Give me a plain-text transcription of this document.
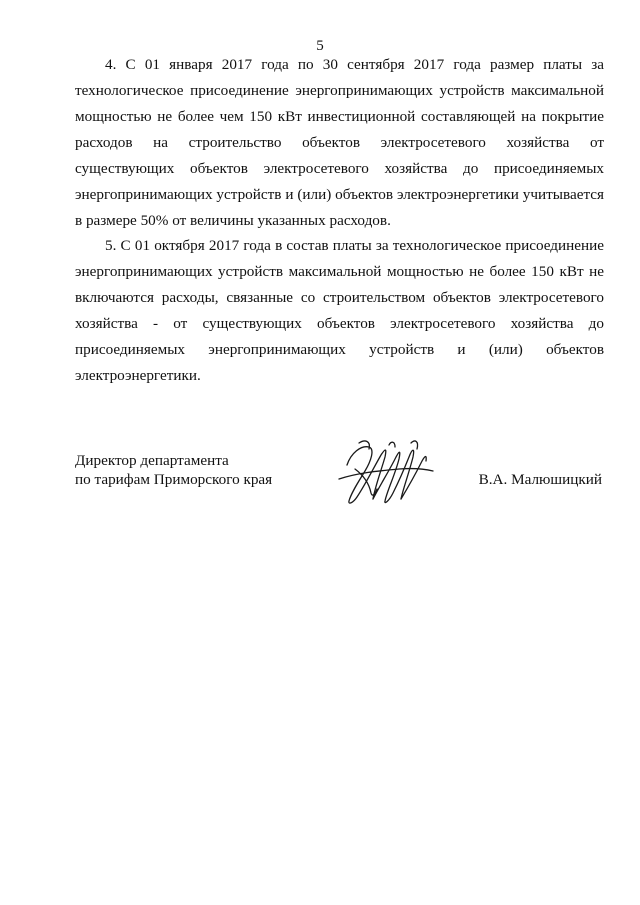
5

4. С 01 января 2017 года по 30 сентября 2017 года размер платы за технологическое присоединение энергопринимающих устройств максимальной мощностью не более чем 150 кВт инвестиционной составляющей на покрытие расходов на строительство объектов электросетевого хозяйства от существующих объектов электросетевого хозяйства до присоединяемых энергопринимающих устройств и (или) объектов электроэнергетики учитывается в размере 50% от величины указанных расходов.

5. С 01 октября 2017 года в состав платы за технологическое присоединение энергопринимающих устройств максимальной мощностью не более 150 кВт не включаются расходы, связанные со строительством объектов электросетевого хозяйства - от существующих объектов электросетевого хозяйства до присоединяемых энергопринимающих устройств и (или) объектов электроэнергетики.

Директор департамента
по тарифам Приморского края	В.А. Малюшицкий
